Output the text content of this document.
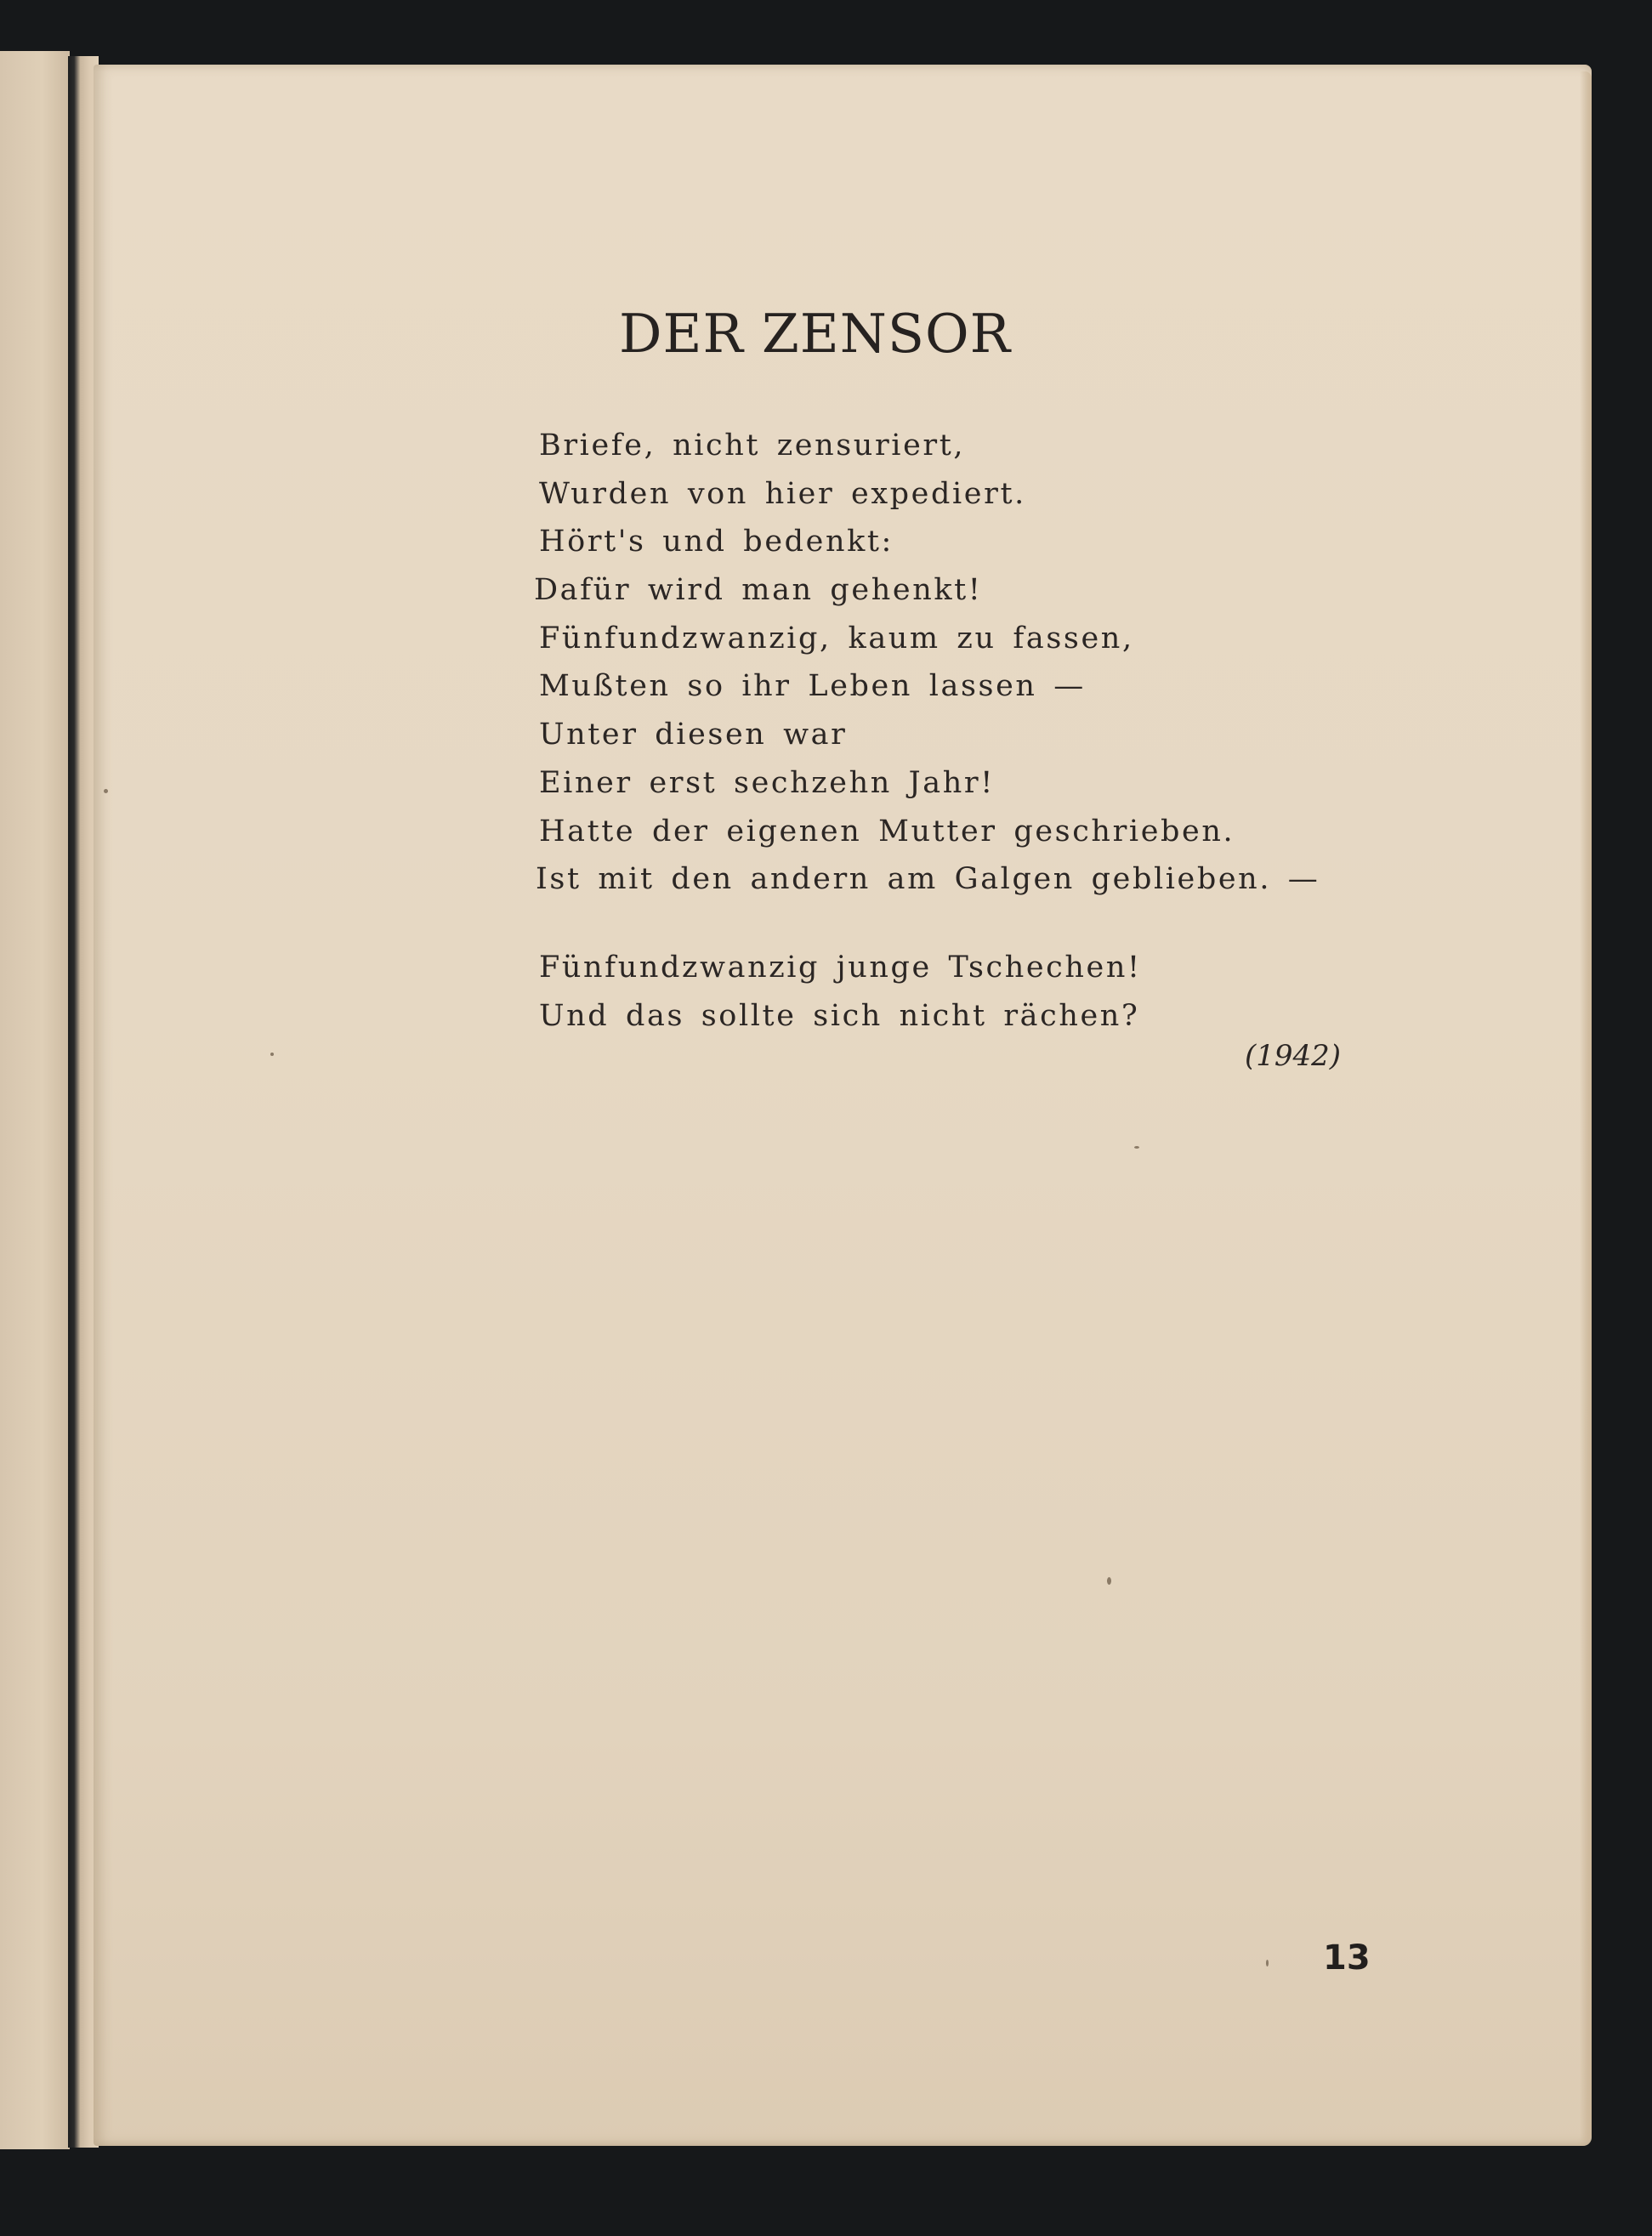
DER ZENSOR
Briefe, nicht zensuriert,
Wurden von hier expediert.
Hört's und bedenkt:
Dafür wird man gehenkt!
Fünfundzwanzig, kaum zu fassen,
Mußten so ihr Leben lassen —
Unter diesen war
Einer erst sechzehn Jahr!
Hatte der eigenen Mutter geschrieben.
Ist mit den andern am Galgen geblieben. —
Fünfundzwanzig junge Tschechen!
Und das sollte sich nicht rächen?
(1942)
13
